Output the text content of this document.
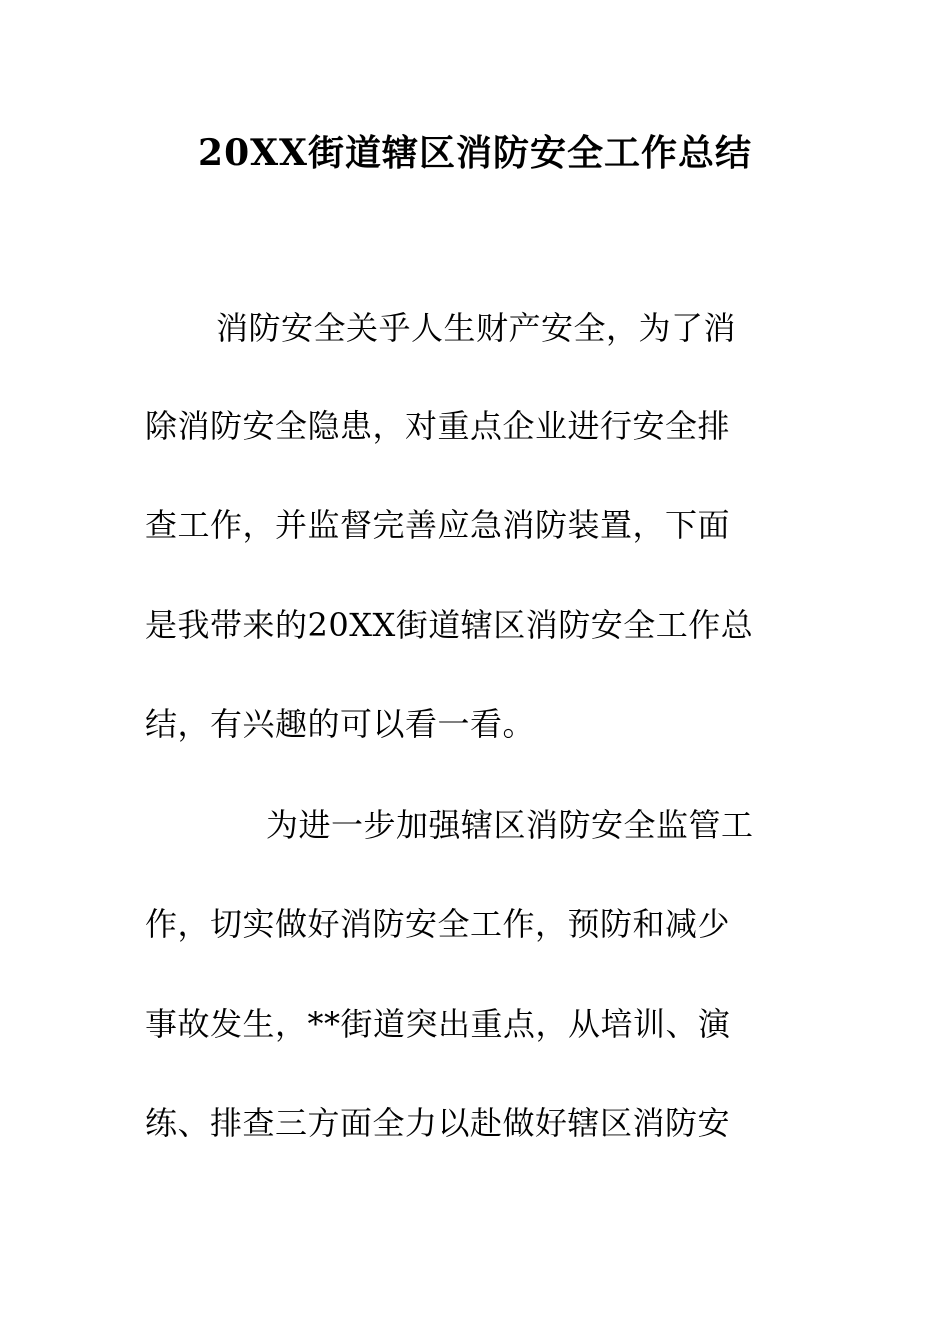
20XX街道辖区消防安全工作总结
消防安全关乎人生财产安全，为了消
除消防安全隐患，对重点企业进行安全排
查工作，并监督完善应急消防装置，下面
是我带来的20XX街道辖区消防安全工作总
结，有兴趣的可以看一看。
为进一步加强辖区消防安全监管工
作，切实做好消防安全工作，预防和减少
事故发生，**街道突出重点，从培训、演
练、排查三方面全力以赴做好辖区消防安
